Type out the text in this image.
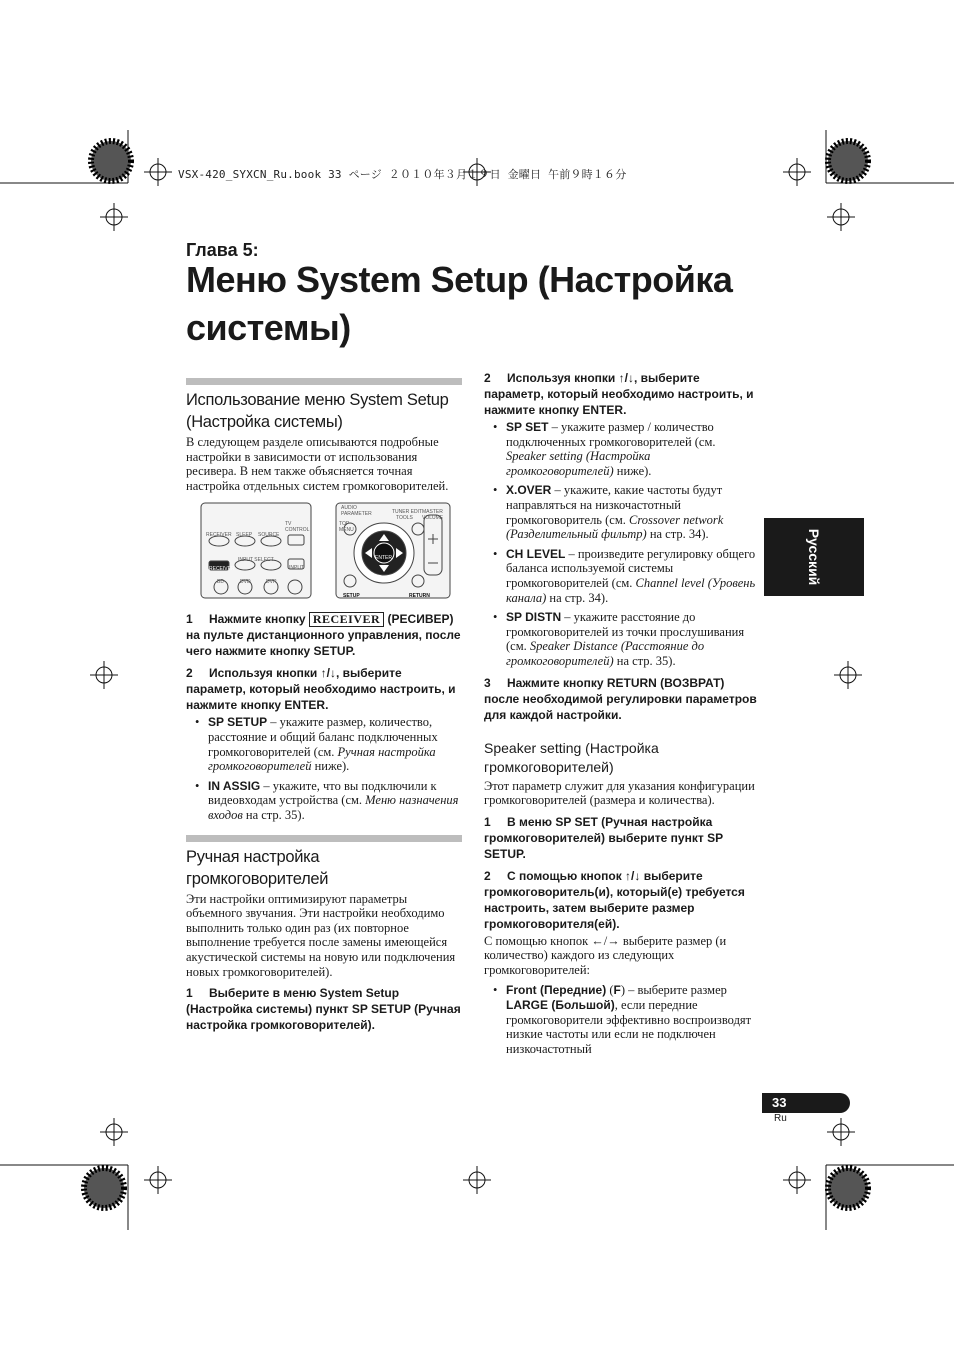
VSX-420_SYXCN_Ru.book 33 ページ ２０１０年３月１９日 金曜日 午前９時１６分
Глава 5:
Меню System Setup (Настройка системы)
Русский
Использование меню System Setup (Настройка системы)

В следующем разделе описываются подробные настройки в зависимости от использования ресивера. В нем также объясняется точная настройка отдельных систем громкоговорителей.

RECEIVER SLEEP SOURCE
TV CONTROL
RECEIVER
INPUT SELECT
INPUT
BD	DVD	DVR
AUDIO PARAMETER	TUNER EDIT
TOOLS
MASTER
VOLUME
TOP MENU
ENTER
SETUP	RETURN
1 Нажмите кнопку RECEIVER (РЕСИВЕР) на пульте дистанционного управления, после чего нажмите кнопку SETUP.
2 Используя кнопки ↑/↓, выберите параметр, который необходимо настроить, и нажмите кнопку ENTER.
• SP SETUP – укажите размер, количество, расстояние и общий баланс подключенных громкоговорителей (см. Ручная настройка громкоговорителей ниже).
• IN ASSIG – укажите, что вы подключили к видеовходам устройства (см. Меню назначения входов на стр. 35).
Ручная настройка громкоговорителей

Эти настройки оптимизируют параметры объемного звучания. Эти настройки необходимо выполнить только один раз (их повторное выполнение требуется после замены имеющейся акустической системы на новую или подключения новых громкоговорителей).

1 Выберите в меню System Setup (Настройка системы) пункт SP SETUP (Ручная настройка громкоговорителей).
2 Используя кнопки ↑/↓, выберите параметр, который необходимо настроить, и нажмите кнопку ENTER.
• SP SET – укажите размер / количество подключенных громкоговорителей (см. Speaker setting (Настройка громкоговорителей) ниже).
• X.OVER – укажите, какие частоты будут направляться на низкочастотный громкоговоритель (см. Crossover network (Разделительный фильтр) на стр. 34).
• CH LEVEL – произведите регулировку общего баланса используемой системы громкоговорителей (см. Channel level (Уровень канала) на стр. 34).
• SP DISTN – укажите расстояние до громкоговорителей из точки прослушивания (см. Speaker Distance (Расстояние до громкоговорителей) на стр. 35).
3 Нажмите кнопку RETURN (ВОЗВРАТ) после необходимой регулировки параметров для каждой настройки.
Speaker setting (Настройка громкоговорителей)

Этот параметр служит для указания конфигурации громкоговорителей (размера и количества).

1 В меню SP SET (Ручная настройка громкоговорителей) выберите пункт SP SETUP.
2 С помощью кнопок ↑/↓ выберите громкоговоритель(и), который(е) требуется настроить, затем выберите размер громкоговорителя(ей).

С помощью кнопок ←/→ выберите размер (и количество) каждого из следующих громкоговорителей:

• Front (Передние) (F) – выберите размер LARGE (Большой), если передние громкоговорители эффективно воспроизводят низкие частоты или если не подключен низкочастотный
33
Ru
